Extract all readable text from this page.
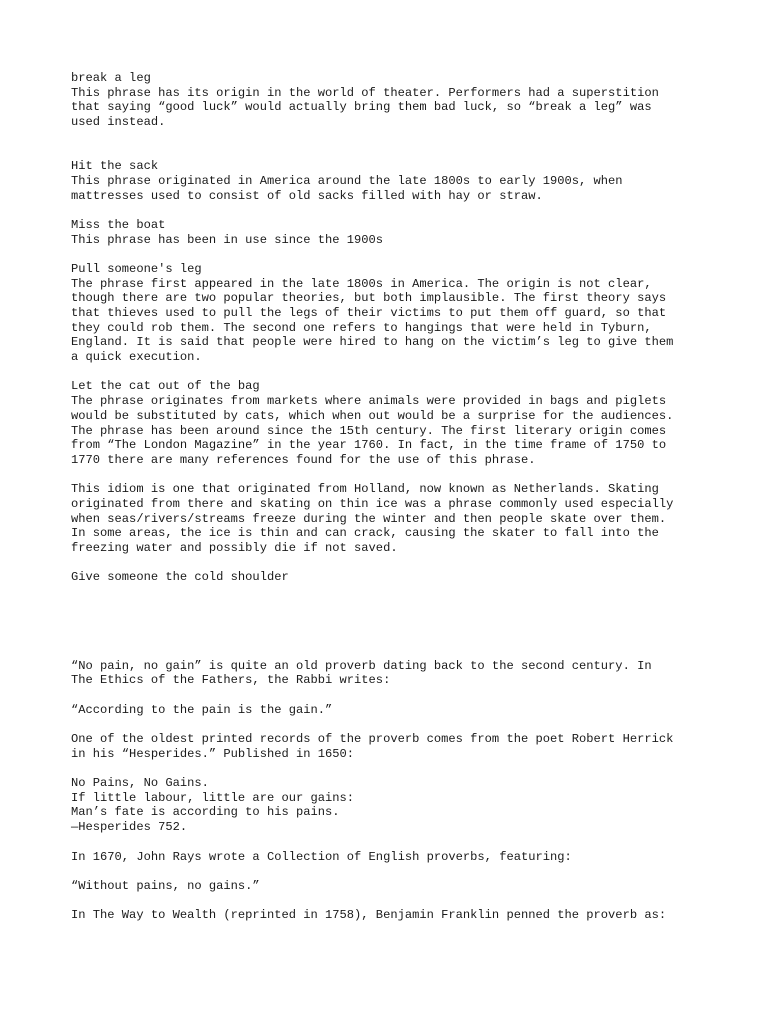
break a leg
This phrase has its origin in the world of theater. Performers had a superstition
that saying “good luck” would actually bring them bad luck, so “break a leg” was
used instead.
Hit the sack
This phrase originated in America around the late 1800s to early 1900s, when
mattresses used to consist of old sacks filled with hay or straw.
Miss the boat
This phrase has been in use since the 1900s
Pull someone's leg
The phrase first appeared in the late 1800s in America. The origin is not clear,
though there are two popular theories, but both implausible. The first theory says
that thieves used to pull the legs of their victims to put them off guard, so that
they could rob them. The second one refers to hangings that were held in Tyburn,
England. It is said that people were hired to hang on the victim’s leg to give them
a quick execution.
Let the cat out of the bag
The phrase originates from markets where animals were provided in bags and piglets
would be substituted by cats, which when out would be a surprise for the audiences.
The phrase has been around since the 15th century. The first literary origin comes
from “The London Magazine” in the year 1760. In fact, in the time frame of 1750 to
1770 there are many references found for the use of this phrase.
This idiom is one that originated from Holland, now known as Netherlands. Skating
originated from there and skating on thin ice was a phrase commonly used especially
when seas/rivers/streams freeze during the winter and then people skate over them.
In some areas, the ice is thin and can crack, causing the skater to fall into the
freezing water and possibly die if not saved.
Give someone the cold shoulder
“No pain, no gain” is quite an old proverb dating back to the second century. In
The Ethics of the Fathers, the Rabbi writes:
“According to the pain is the gain.”
One of the oldest printed records of the proverb comes from the poet Robert Herrick
in his “Hesperides.” Published in 1650:
No Pains, No Gains.
If little labour, little are our gains:
Man’s fate is according to his pains.
—Hesperides 752.
In 1670, John Rays wrote a Collection of English proverbs, featuring:
“Without pains, no gains.”
In The Way to Wealth (reprinted in 1758), Benjamin Franklin penned the proverb as:
